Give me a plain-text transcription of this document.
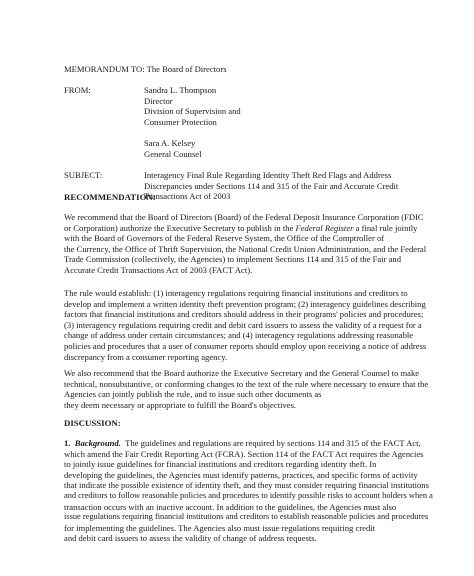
MEMORANDUM TO: The Board of Directors
FROM:	Sandra L. Thompson
Director
Division of Supervision and
Consumer Protection
Sara A. Kelsey
General Counsel
SUBJECT:	Interagency Final Rule Regarding Identity Theft Red Flags and Address
Discrepancies under Sections 114 and 315 of the Fair and Accurate Credit
Transactions Act of 2003
RECOMMENDATION:
We recommend that the Board of Directors (Board) of the Federal Deposit Insurance Corporation (FDIC
or Corporation) authorize the Executive Secretary to publish in the Federal Register a final rule jointly
with the Board of Governors of the Federal Reserve System, the Office of the Comptroller of
the Currency, the Office of Thrift Supervision, the National Credit Union Administration, and the Federal
Trade Commission (collectively, the Agencies) to implement Sections 114 and 315 of the Fair and
Accurate Credit Transactions Act of 2003 (FACT Act).
The rule would establish: (1) interagency regulations requiring financial institutions and creditors to
develop and implement a written identity theft prevention program; (2) interagency guidelines describing
factors that financial institutions and creditors should address in their programs' policies and procedures;
(3) interagency regulations requiring credit and debit card issuers to assess the validity of a request for a
change of address under certain circumstances; and (4) interagency regulations addressing reasonable
policies and procedures that a user of consumer reports should employ upon receiving a notice of address
discrepancy from a consumer reporting agency.
We also recommend that the Board authorize the Executive Secretary and the General Counsel to make
technical, nonsubstantive, or conforming changes to the text of the rule where necessary to ensure that the
Agencies can jointly publish the rule, and to issue such other documents as
they deem necessary or appropriate to fulfill the Board's objectives.
DISCUSSION:
1. Background. The guidelines and regulations are required by sections 114 and 315 of the FACT Act,
which amend the Fair Credit Reporting Act (FCRA). Section 114 of the FACT Act requires the Agencies
to jointly issue guidelines for financial institutions and creditors regarding identity theft. In
developing the guidelines, the Agencies must identify patterns, practices, and specific forms of activity
that indicate the possible existence of identity theft, and they must consider requiring financial institutions
and creditors to follow reasonable policies and procedures to identify possible risks to account holders when a
transaction occurs with an inactive account. In addition to the guidelines, the Agencies must also
issue regulations requiring financial institutions and creditors to establish reasonable policies and procedures
for implementing the guidelines. The Agencies also must issue regulations requiring credit
and debit card issuers to assess the validity of change of address requests.
